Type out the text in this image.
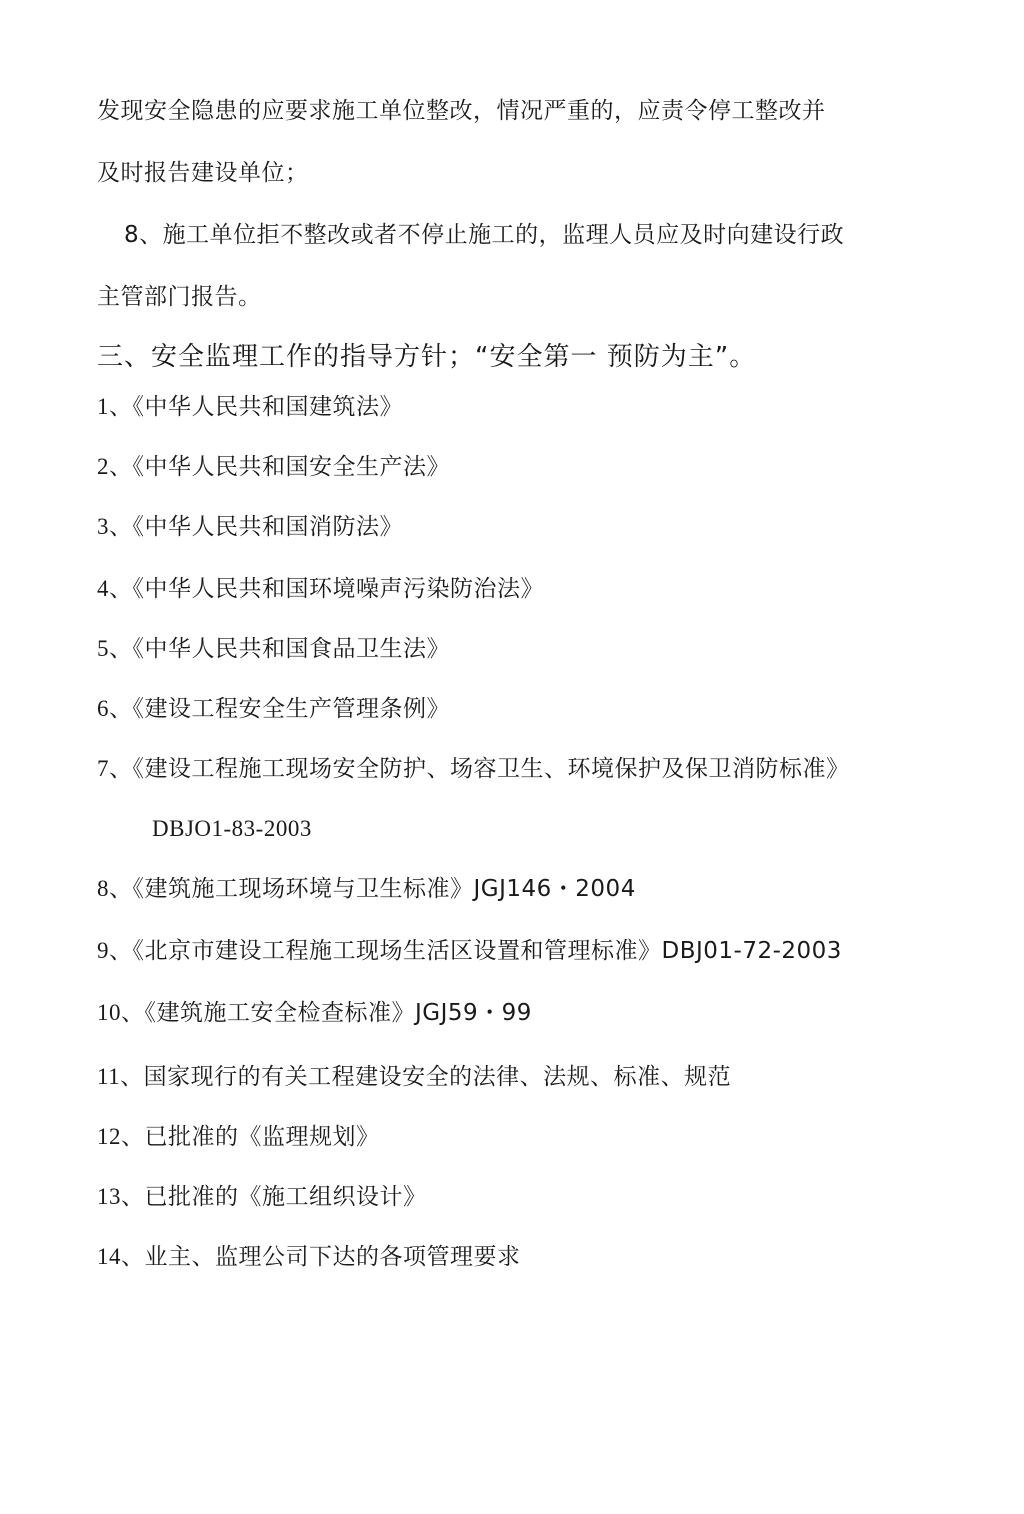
发现安全隐患的应要求施工单位整改，情况严重的，应责令停工整改并
及时报告建设单位；
8、施工单位拒不整改或者不停止施工的，监理人员应及时向建设行政
主管部门报告。
三、安全监理工作的指导方针；“安全第一 预防为主”。
1、《中华人民共和国建筑法》
2、《中华人民共和国安全生产法》
3、《中华人民共和国消防法》
4、《中华人民共和国环境噪声污染防治法》
5、《中华人民共和国食品卫生法》
6、《建设工程安全生产管理条例》
7、《建设工程施工现场安全防护、场容卫生、环境保护及保卫消防标准》
DBJO1-83-2003
8、《建筑施工现场环境与卫生标准》JGJ146・2004
9、《北京市建设工程施工现场生活区设置和管理标准》DBJ01-72-2003
10、《建筑施工安全检查标准》JGJ59・99
11、国家现行的有关工程建设安全的法律、法规、标准、规范
12、已批准的《监理规划》
13、已批准的《施工组织设计》
14、业主、监理公司下达的各项管理要求
